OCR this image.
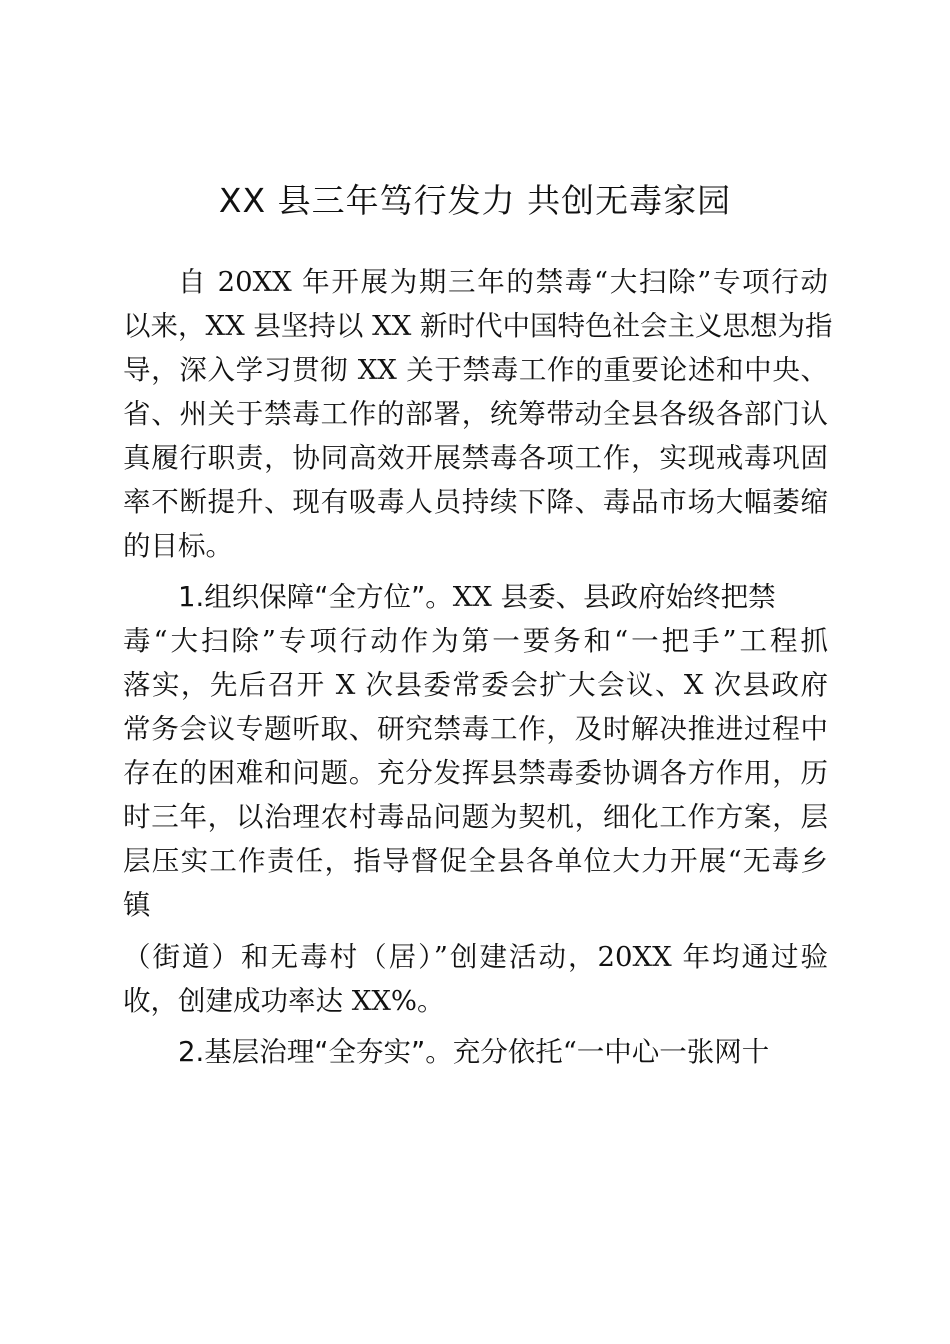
XX 县三年笃行发力 共创无毒家园
自 20XX 年开展为期三年的禁毒“大扫除”专项行动
以来，XX 县坚持以 XX 新时代中国特色社会主义思想为指
导，深入学习贯彻 XX 关于禁毒工作的重要论述和中央、
省、州关于禁毒工作的部署，统筹带动全县各级各部门认
真履行职责，协同高效开展禁毒各项工作，实现戒毒巩固
率不断提升、现有吸毒人员持续下降、毒品市场大幅萎缩
的目标。
1.组织保障“全方位”。XX 县委、县政府始终把禁
毒“大扫除”专项行动作为第一要务和“一把手”工程抓
落实，先后召开 X 次县委常委会扩大会议、X 次县政府
常务会议专题听取、研究禁毒工作，及时解决推进过程中
存在的困难和问题。充分发挥县禁毒委协调各方作用，历
时三年，以治理农村毒品问题为契机，细化工作方案，层
层压实工作责任，指导督促全县各单位大力开展“无毒乡
镇
（街道）和无毒村（居）”创建活动，20XX 年均通过验
收，创建成功率达 XX%。
2.基层治理“全夯实”。充分依托“一中心一张网十
